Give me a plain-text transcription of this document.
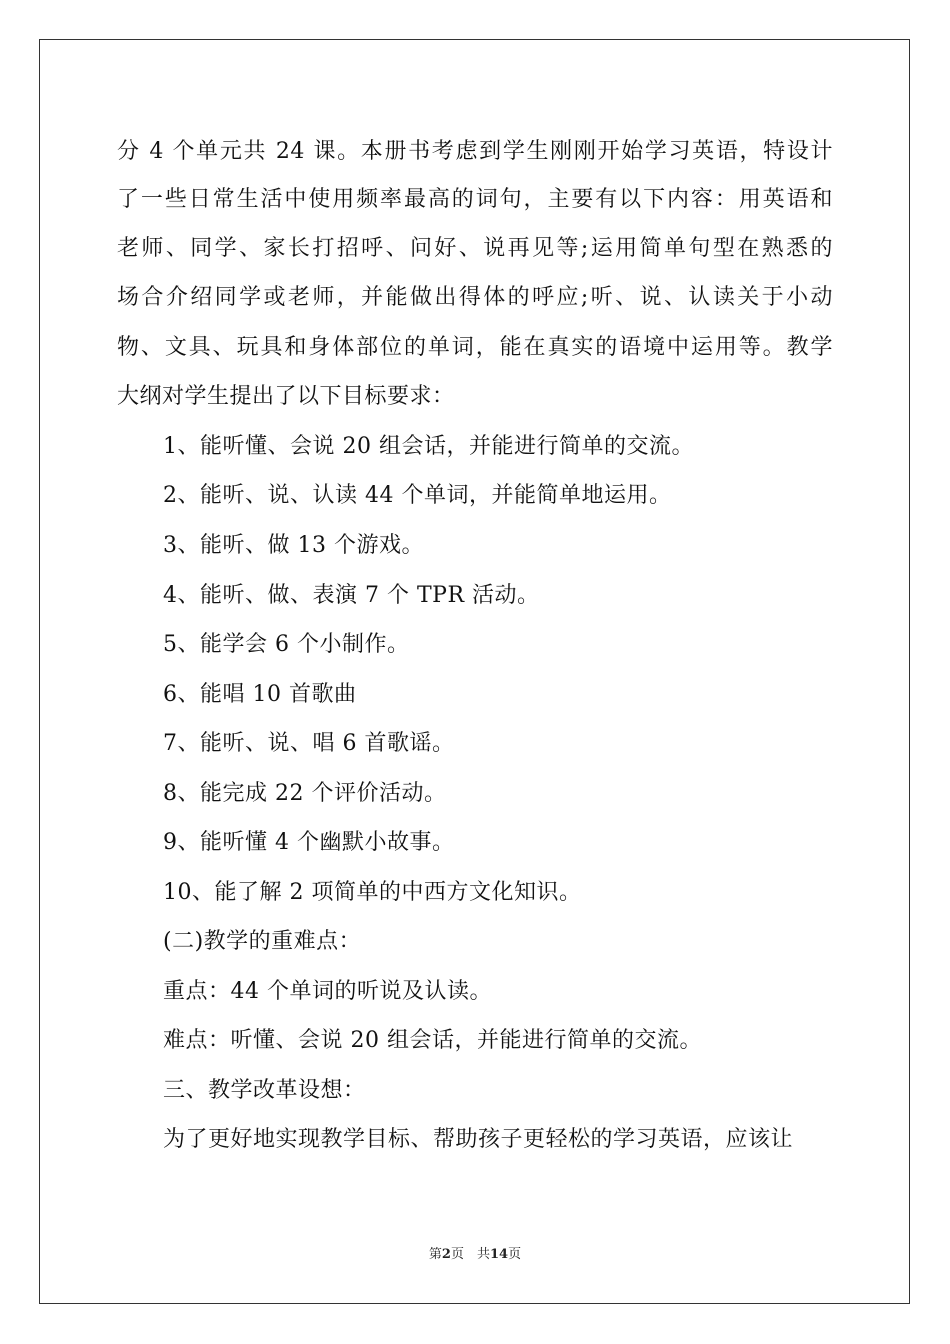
分 4 个单元共 24 课。本册书考虑到学生刚刚开始学习英语，特设计
了一些日常生活中使用频率最高的词句，主要有以下内容：用英语和
老师、同学、家长打招呼、问好、说再见等;运用简单句型在熟悉的
场合介绍同学或老师，并能做出得体的呼应;听、说、认读关于小动
物、文具、玩具和身体部位的单词，能在真实的语境中运用等。教学
大纲对学生提出了以下目标要求：
1、能听懂、会说 20 组会话，并能进行简单的交流。
2、能听、说、认读 44 个单词，并能简单地运用。
3、能听、做 13 个游戏。
4、能听、做、表演 7 个 TPR 活动。
5、能学会 6 个小制作。
6、能唱 10 首歌曲
7、能听、说、唱 6 首歌谣。
8、能完成 22 个评价活动。
9、能听懂 4 个幽默小故事。
10、能了解 2 项简单的中西方文化知识。
(二)教学的重难点：
重点：44 个单词的听说及认读。
难点：听懂、会说 20 组会话，并能进行简单的交流。
三、教学改革设想：
为了更好地实现教学目标、帮助孩子更轻松的学习英语，应该让
第2页　共14页
